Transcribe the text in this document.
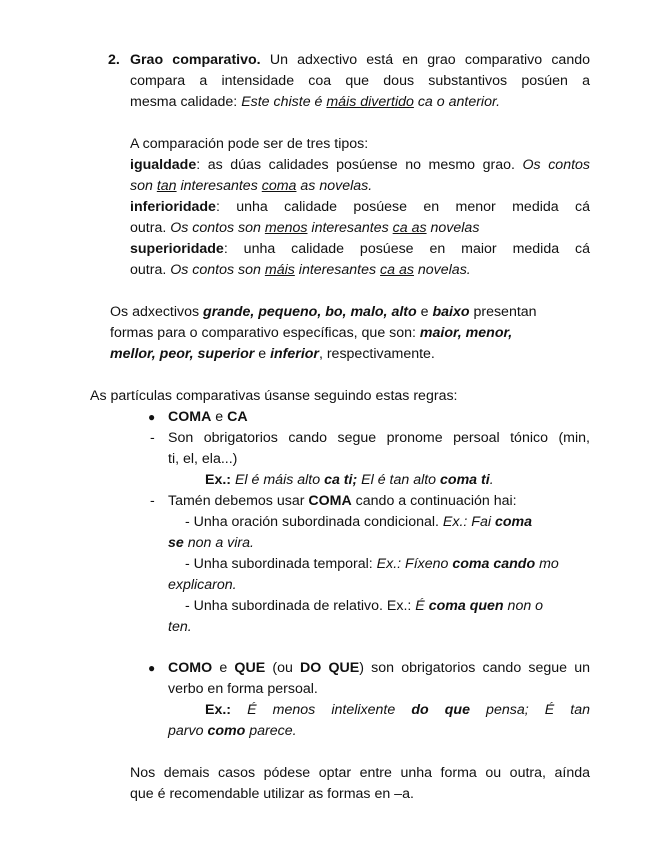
2. Grao comparativo. Un adxectivo está en grao comparativo cando
compara a intensidade coa que dous substantivos posúen a
mesma calidade: Este chiste é máis divertido ca o anterior.
A comparación pode ser de tres tipos:
igualdade: as dúas calidades posúense no mesmo grao. Os contos
son tan interesantes coma as novelas.
inferioridade: unha calidade posúese en menor medida cá
outra. Os contos son menos interesantes ca as novelas
superioridade: unha calidade posúese en maior medida cá
outra. Os contos son máis interesantes ca as novelas.
Os adxectivos grande, pequeno, bo, malo, alto e baixo presentan
formas para o comparativo específicas, que son: maior, menor,
mellor, peor, superior e inferior, respectivamente.
As partículas comparativas úsanse seguindo estas regras:
● COMA e CA
- Son obrigatorios cando segue pronome persoal tónico (min,
ti, el, ela...)
Ex.: El é máis alto ca ti; El é tan alto coma ti.
- Tamén debemos usar COMA cando a continuación hai:
- Unha oración subordinada condicional. Ex.: Fai coma
se non a vira.
- Unha subordinada temporal: Ex.: Fíxeno coma cando mo
explicaron.
- Unha subordinada de relativo. Ex.: É coma quen non o
ten.
● COMO e QUE (ou DO QUE) son obrigatorios cando segue un
verbo en forma persoal.
Ex.: É menos intelixente do que pensa; É tan
parvo como parece.
Nos demais casos pódese optar entre unha forma ou outra, aínda
que é recomendable utilizar as formas en –a.
